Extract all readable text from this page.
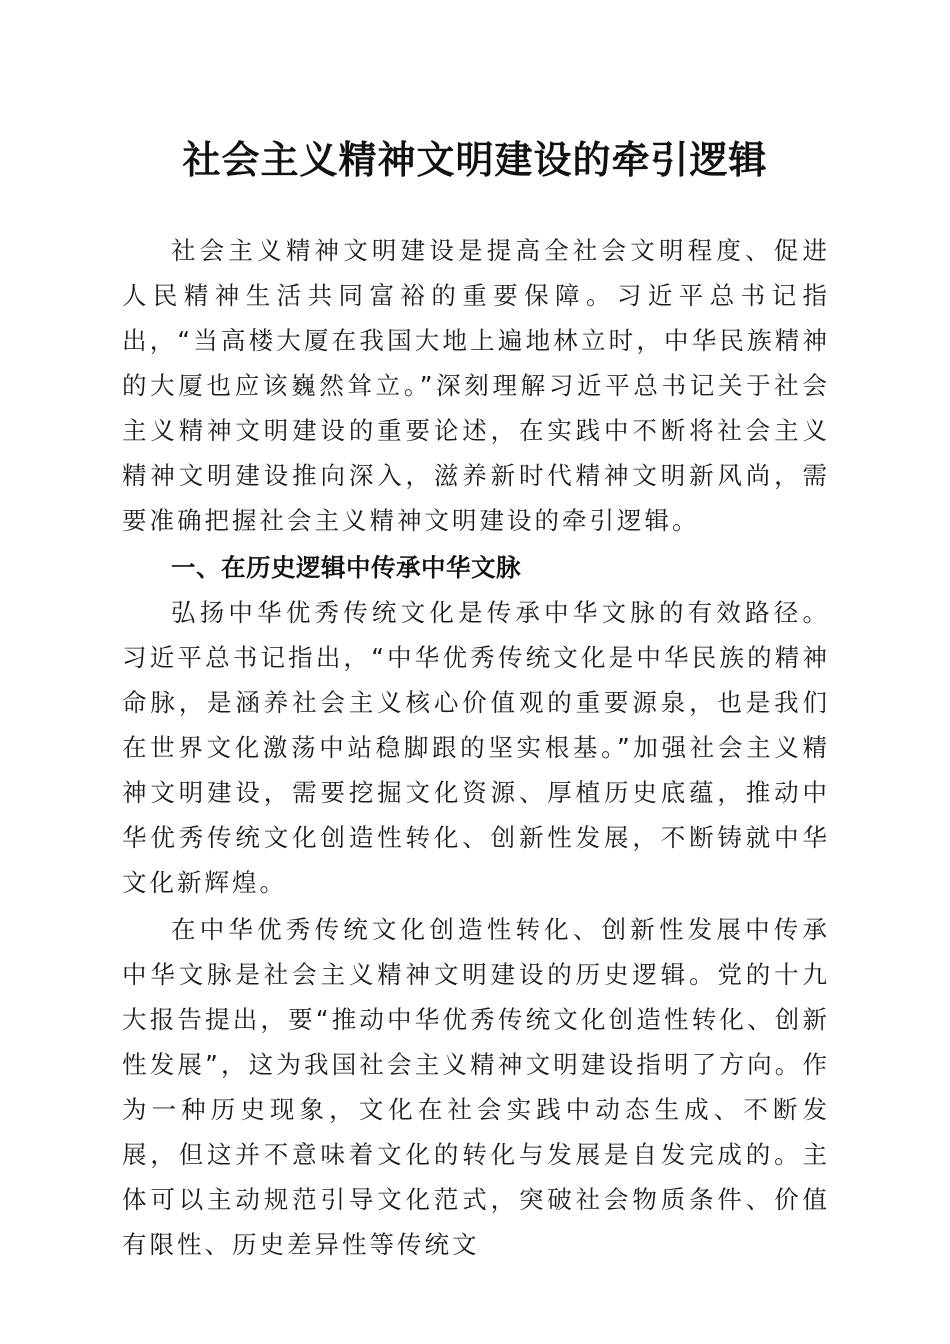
社会主义精神文明建设的牵引逻辑

社会主义精神文明建设是提高全社会文明程度、促进人民精神生活共同富裕的重要保障。习近平总书记指出，“当高楼大厦在我国大地上遍地林立时，中华民族精神的大厦也应该巍然耸立。”深刻理解习近平总书记关于社会主义精神文明建设的重要论述，在实践中不断将社会主义精神文明建设推向深入，滋养新时代精神文明新风尚，需要准确把握社会主义精神文明建设的牵引逻辑。

一、在历史逻辑中传承中华文脉

弘扬中华优秀传统文化是传承中华文脉的有效路径。习近平总书记指出，“中华优秀传统文化是中华民族的精神命脉，是涵养社会主义核心价值观的重要源泉，也是我们在世界文化激荡中站稳脚跟的坚实根基。”加强社会主义精神文明建设，需要挖掘文化资源、厚植历史底蕴，推动中华优秀传统文化创造性转化、创新性发展，不断铸就中华文化新辉煌。

在中华优秀传统文化创造性转化、创新性发展中传承中华文脉是社会主义精神文明建设的历史逻辑。党的十九大报告提出，要“推动中华优秀传统文化创造性转化、创新性发展”，这为我国社会主义精神文明建设指明了方向。作为一种历史现象，文化在社会实践中动态生成、不断发展，但这并不意味着文化的转化与发展是自发完成的。主体可以主动规范引导文化范式，突破社会物质条件、价值有限性、历史差异性等传统文
